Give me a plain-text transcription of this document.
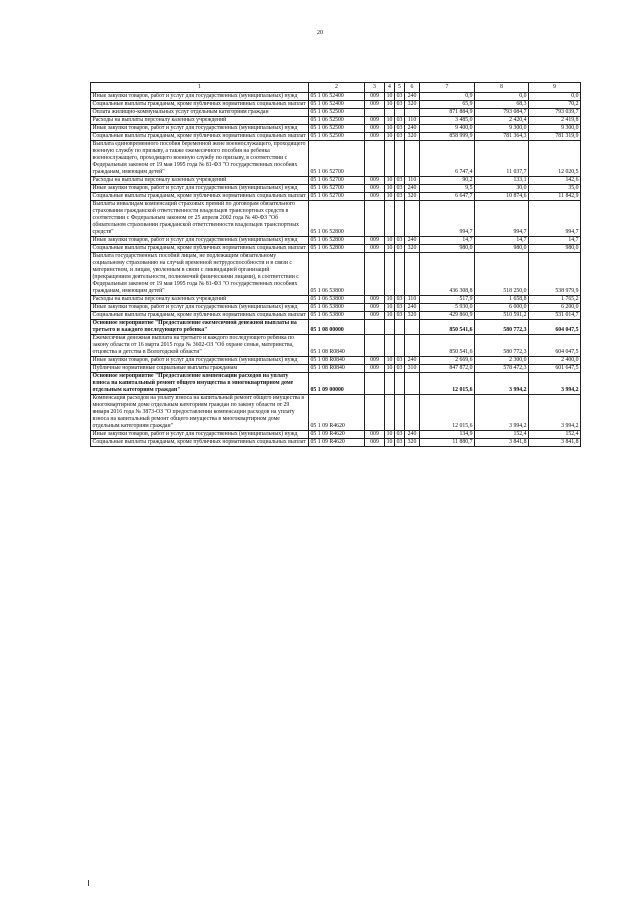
20
1	2	3	4	5	6	7	8	9
Иные закупки товаров, работ и услуг для государственных (муниципальных) нужд	05 1 06 52400	009	10	03	240	0,9	0,0	0,0
Социальные выплаты гражданам, кроме публичных нормативных социальных выплат	05 1 06 52400	009	10	03	320	65,9	68,3	70,2
Оплата жилищно-коммунальных услуг отдельным категориям граждан	05 1 06 52500					871 884,9	793 084,7	793 039,7
Расходы на выплаты персоналу казенных учреждений	05 1 06 52500	009	10	03	110	3 485,0	2 420,4	2 419,8
Иные закупки товаров, работ и услуг для государственных (муниципальных) нужд	05 1 06 52500	009	10	03	240	9 400,0	9 300,0	9 300,0
Социальные выплаты гражданам, кроме публичных нормативных социальных выплат	05 1 06 52500	009	10	03	320	858 999,9	781 364,3	781 319,9
Выплата единовременного пособия беременной жене военнослужащего, проходящего военную службу по призыву, а также ежемесячного пособия на ребенка военнослужащего, проходящего военную службу по призыву, в соответствии с Федеральным законом от 19 мая 1995 года № 81-ФЗ "О государственных пособиях гражданам, имеющим детей"	05 1 06 52700					6 747,4	11 037,7	12 020,5
Расходы на выплаты персоналу казенных учреждений	05 1 06 52700	009	10	03	110	90,2	133,1	142,6
Иные закупки товаров, работ и услуг для государственных (муниципальных) нужд	05 1 06 52700	009	10	03	240	9,5	30,0	35,0
Социальные выплаты гражданам, кроме публичных нормативных социальных выплат	05 1 06 52700	009	10	03	320	6 647,7	10 874,6	11 842,9
Выплаты инвалидам компенсаций страховых премий по договорам обязательного страхования гражданской ответственности владельцев транспортных средств в соответствии с Федеральным законом от 25 апреля 2002 года № 40-ФЗ "Об обязательном страховании гражданской ответственности владельцев транспортных средств"	05 1 06 52800					994,7	994,7	994,7
Иные закупки товаров, работ и услуг для государственных (муниципальных) нужд	05 1 06 52800	009	10	03	240	14,7	14,7	14,7
Социальные выплаты гражданам, кроме публичных нормативных социальных выплат	05 1 06 52800	009	10	03	320	980,0	980,0	980,0
Выплата государственных пособий лицам, не подлежащим обязательному социальному страхованию на случай временной нетрудоспособности и в связи с материнством, и лицам, уволенным в связи с ликвидацией организаций (прекращением деятельности, полномочий физическими лицами), в соответствии с Федеральным законом от 19 мая 1995 года № 81-ФЗ "О государственных пособиях гражданам, имеющим детей"	05 1 06 53800					436 308,8	518 250,0	538 979,9
Расходы на выплаты персоналу казенных учреждений	05 1 06 53800	009	10	03	110	517,9	1 658,8	1 765,2
Иные закупки товаров, работ и услуг для государственных (муниципальных) нужд	05 1 06 53800	009	10	03	240	5 930,0	6 000,0	6 200,0
Социальные выплаты гражданам, кроме публичных нормативных социальных выплат	05 1 06 53800	009	10	03	320	429 860,9	510 591,2	531 014,7
Основное мероприятие "Предоставление ежемесячной денежной выплаты на третьего и каждого последующего ребенка"	05 1 08 00000					850 541,6	580 772,3	604 047,5
Ежемесячная денежная выплата на третьего и каждого последующего ребенка по закону области от 16 марта 2015 года № 3602-ОЗ "Об охране семьи, материнства, отцовства и детства в Вологодской области"	05 1 08 R0840					850 541,6	580 772,3	604 047,5
Иные закупки товаров, работ и услуг для государственных (муниципальных) нужд	05 1 08 R0840	009	10	03	240	2 669,6	2 300,0	2 400,0
Публичные нормативные социальные выплаты гражданам	05 1 08 R0840	009	10	03	310	847 872,0	578 472,3	601 647,5
Основное мероприятие "Предоставление компенсации расходов на уплату взноса на капитальный ремонт общего имущества в многоквартирном доме отдельным категориям граждан"	05 1 09 00000					12 015,6	3 994,2	3 994,2
Компенсация расходов на уплату взноса на капитальный ремонт общего имущества в многоквартирном доме отдельным категориям граждан по закону области от 29 января 2016 года № 3873-ОЗ "О предоставлении компенсации расходов на уплату взноса на капитальный ремонт общего имущества в многоквартирном доме отдельным категориям граждан"	05 1 09 R4620					12 015,6	3 994,2	3 994,2
Иные закупки товаров, работ и услуг для государственных (муниципальных) нужд	05 1 09 R4620	009	10	03	240	134,9	152,4	152,4
Социальные выплаты гражданам, кроме публичных нормативных социальных выплат	05 1 09 R4620	009	10	03	320	11 880,7	3 841,8	3 841,8
